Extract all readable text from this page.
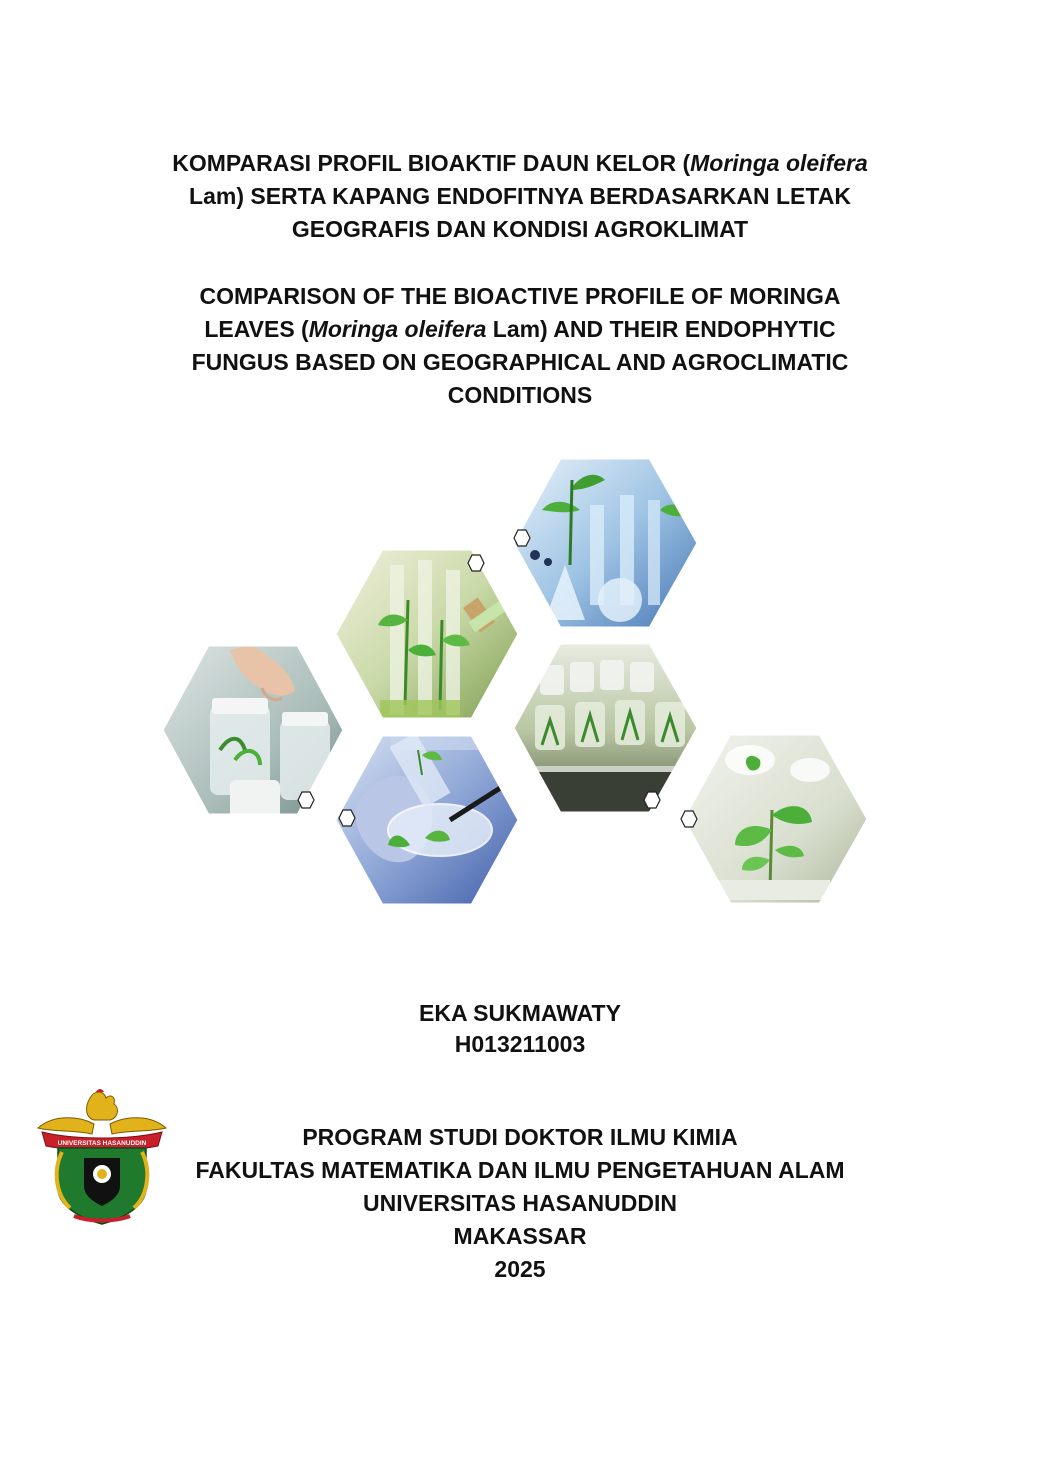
KOMPARASI PROFIL BIOAKTIF DAUN KELOR (Moringa oleifera
Lam) SERTA KAPANG ENDOFITNYA BERDASARKAN LETAK
GEOGRAFIS DAN KONDISI AGROKLIMAT
COMPARISON OF THE BIOACTIVE PROFILE OF MORINGA
LEAVES (Moringa oleifera Lam) AND THEIR ENDOPHYTIC
FUNGUS BASED ON GEOGRAPHICAL AND AGROCLIMATIC
CONDITIONS
EKA SUKMAWATY
H013211003
UNIVERSITAS HASANUDDIN	PROGRAM STUDI DOKTOR ILMU KIMIA
FAKULTAS MATEMATIKA DAN ILMU PENGETAHUAN ALAM
UNIVERSITAS HASANUDDIN
MAKASSAR
2025
